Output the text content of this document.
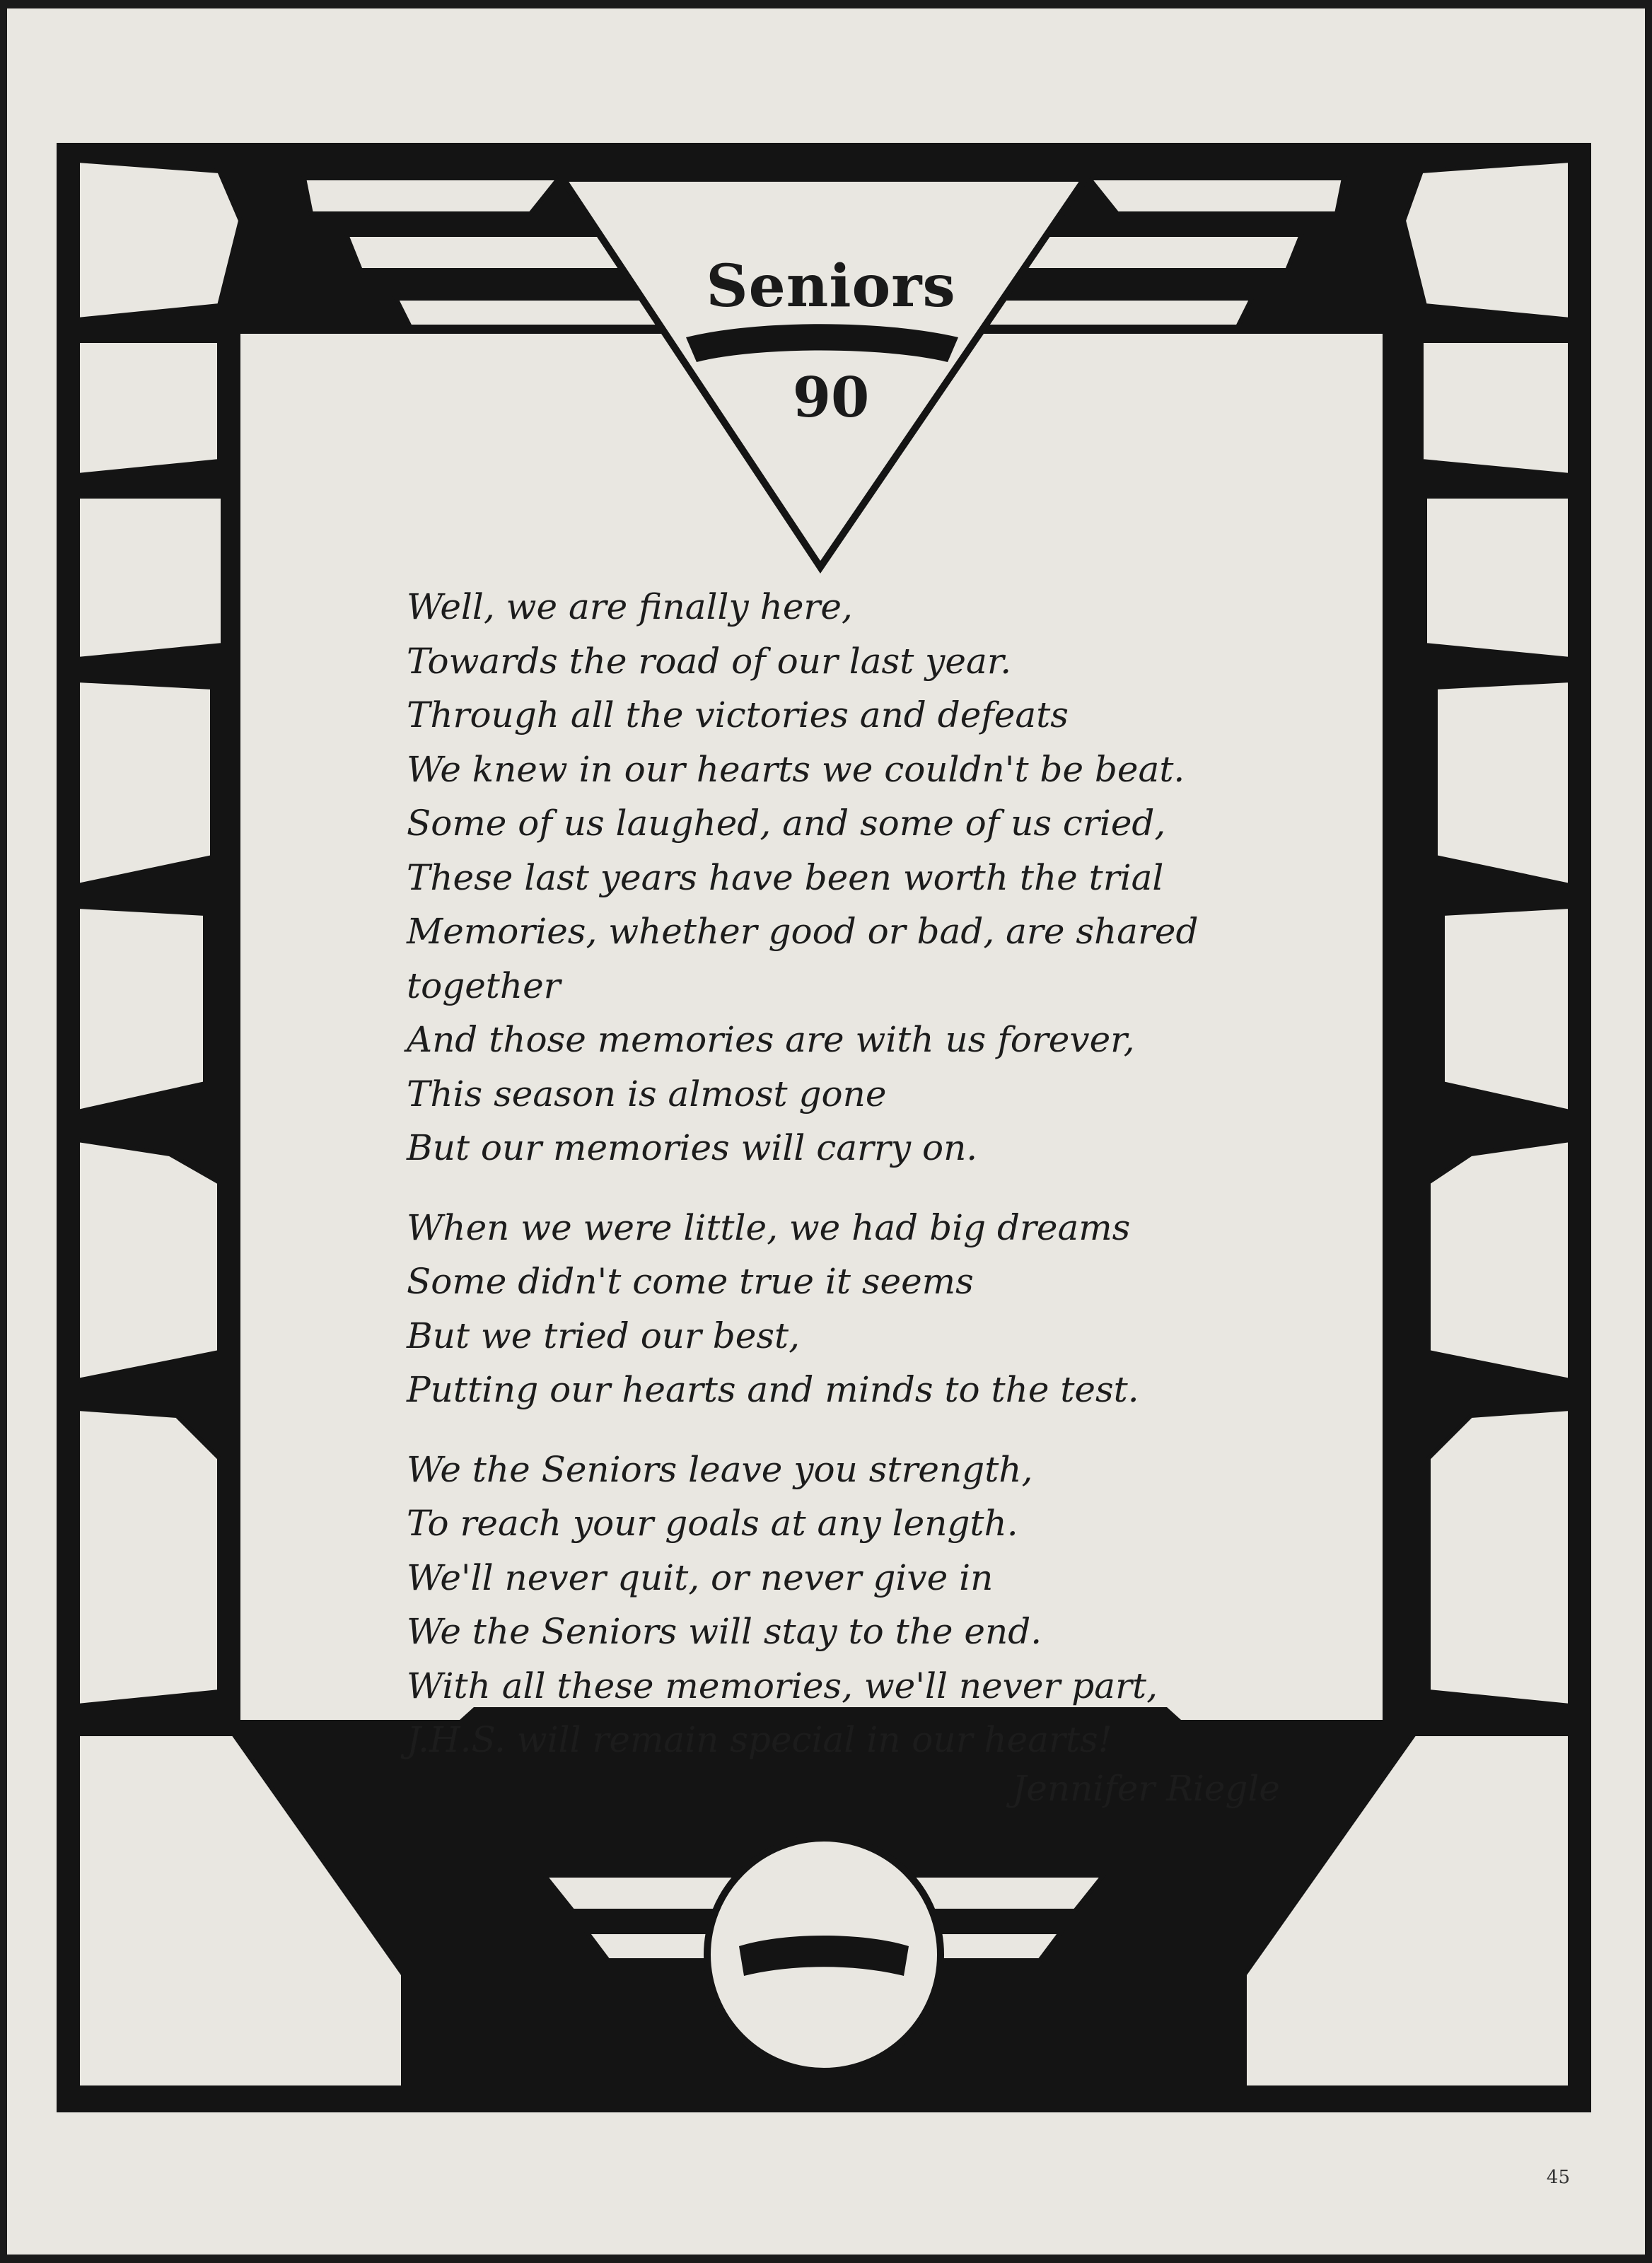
Seniors
90

Well, we are finally here,
Towards the road of our last year.
Through all the victories and defeats
We knew in our hearts we couldn't be beat.
Some of us laughed, and some of us cried,
These last years have been worth the trial
Memories, whether good or bad, are shared
together
And those memories are with us forever,
This season is almost gone
But our memories will carry on.

When we were little, we had big dreams
Some didn't come true it seems
But we tried our best,
Putting our hearts and minds to the test.

We the Seniors leave you strength,
To reach your goals at any length.
We'll never quit, or never give in
We the Seniors will stay to the end.
With all these memories, we'll never part,
J.H.S. will remain special in our hearts!

Jennifer Riegle
45
